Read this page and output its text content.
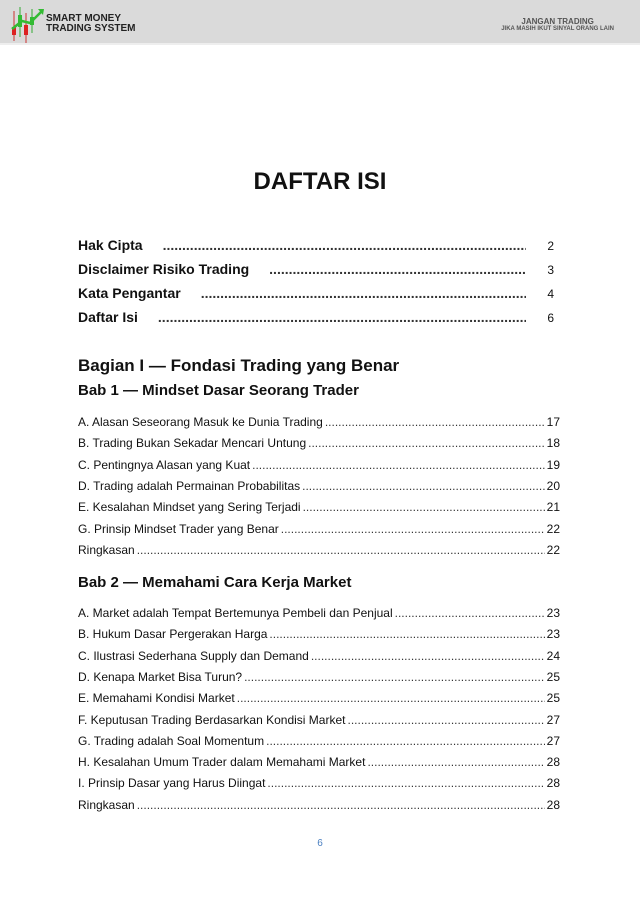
SMART MONEY
TRADING SYSTEM
JANGAN TRADING
JIKA MASIH IKUT SINYAL ORANG LAIN
DAFTAR ISI
Hak Cipta .....	2
Disclaimer Risiko Trading .....	3
Kata Pengantar .....	4
Daftar Isi .....	6
Bagian I — Fondasi Trading yang Benar
Bab 1 — Mindset Dasar Seorang Trader
A. Alasan Seseorang Masuk ke Dunia Trading .....	17
B. Trading Bukan Sekadar Mencari Untung .....	18
C. Pentingnya Alasan yang Kuat .....	19
D. Trading adalah Permainan Probabilitas .....	20
E. Kesalahan Mindset yang Sering Terjadi .....	21
G. Prinsip Mindset Trader yang Benar .....	22
Ringkasan .....	22
Bab 2 — Memahami Cara Kerja Market
A. Market adalah Tempat Bertemunya Pembeli dan Penjual .....	23
B. Hukum Dasar Pergerakan Harga .....	23
C. Ilustrasi Sederhana Supply dan Demand .....	24
D. Kenapa Market Bisa Turun? .....	25
E. Memahami Kondisi Market .....	25
F. Keputusan Trading Berdasarkan Kondisi Market .....	27
G. Trading adalah Soal Momentum .....	27
H. Kesalahan Umum Trader dalam Memahami Market .....	28
I. Prinsip Dasar yang Harus Diingat .....	28
Ringkasan .....	28
6
